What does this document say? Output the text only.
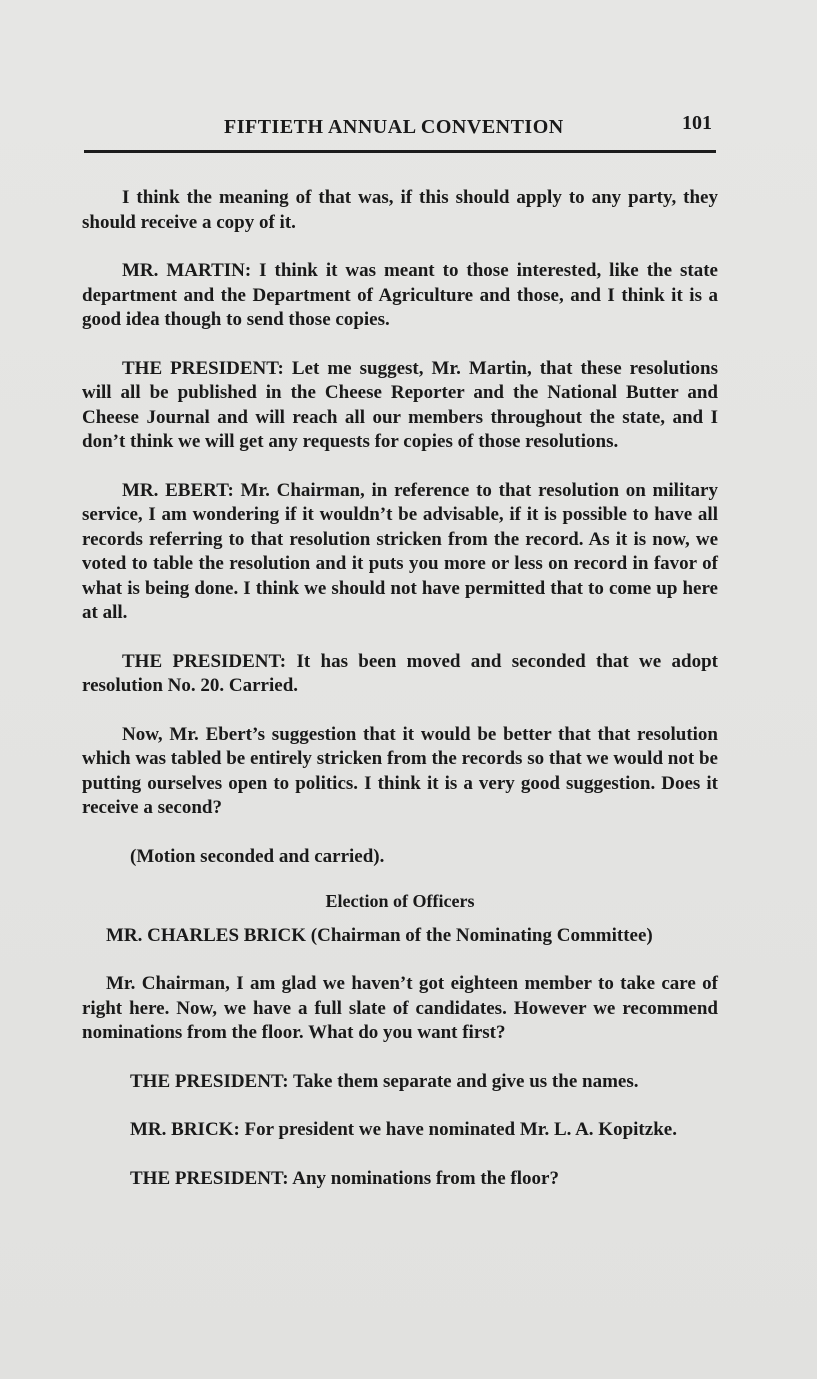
FIFTIETH ANNUAL CONVENTION	101

I think the meaning of that was, if this should apply to any party, they should receive a copy of it.

MR. MARTIN: I think it was meant to those interested, like the state department and the Department of Agriculture and those, and I think it is a good idea though to send those copies.

THE PRESIDENT: Let me suggest, Mr. Martin, that these resolutions will all be published in the Cheese Reporter and the National Butter and Cheese Journal and will reach all our members throughout the state, and I don’t think we will get any requests for copies of those resolutions.

MR. EBERT: Mr. Chairman, in reference to that resolution on military service, I am wondering if it wouldn’t be advisable, if it is possible to have all records referring to that resolution stricken from the record. As it is now, we voted to table the resolution and it puts you more or less on record in favor of what is being done. I think we should not have permitted that to come up here at all.

THE PRESIDENT: It has been moved and seconded that we adopt resolution No. 20. Carried.

Now, Mr. Ebert’s suggestion that it would be better that that resolution which was tabled be entirely stricken from the records so that we would not be putting ourselves open to politics. I think it is a very good suggestion. Does it receive a second?

(Motion seconded and carried).

Election of Officers

MR. CHARLES BRICK (Chairman of the Nominating Committee)

Mr. Chairman, I am glad we haven’t got eighteen member to take care of right here. Now, we have a full slate of candidates. However we recommend nominations from the floor. What do you want first?

THE PRESIDENT: Take them separate and give us the names.

MR. BRICK: For president we have nominated Mr. L. A. Kopitzke.

THE PRESIDENT: Any nominations from the floor?
